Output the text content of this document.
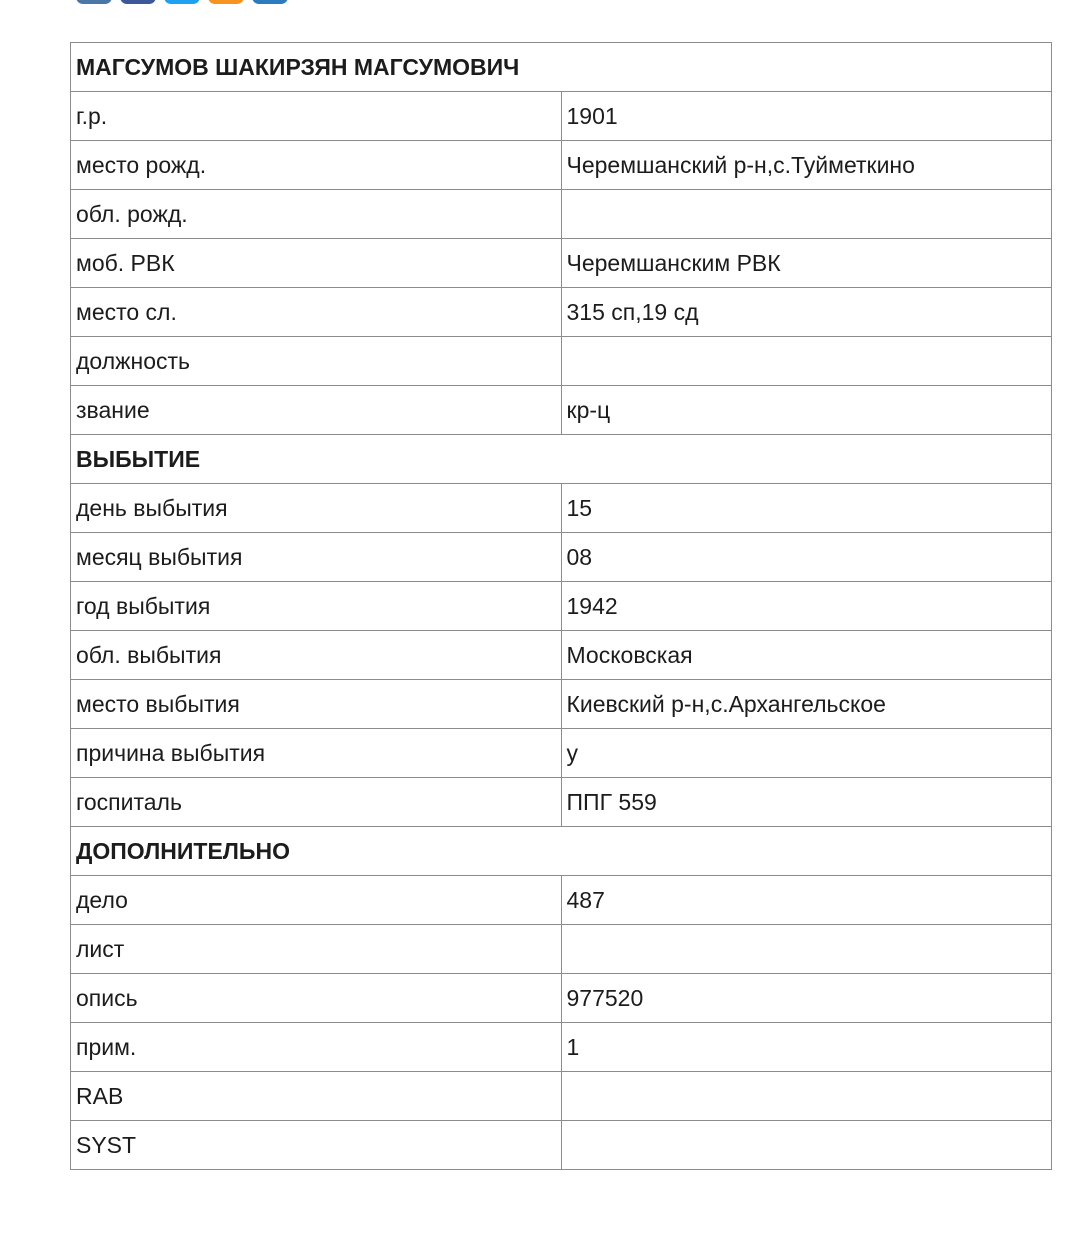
МАГСУМОВ ШАКИРЗЯН МАГСУМОВИЧ	
г.р.	1901
место рожд.	Черемшанский р-н,с.Туйметкино
обл. рожд.	
моб. РВК	Черемшанским РВК
место сл.	315 сп,19 сд
должность	
звание	кр-ц
ВЫБЫТИЕ	
день выбытия	15
месяц выбытия	08
год выбытия	1942
обл. выбытия	Московская
место выбытия	Киевский р-н,с.Архангельское
причина выбытия	у
госпиталь	ППГ 559
ДОПОЛНИТЕЛЬНО	
дело	487
лист	
опись	977520
прим.	1
RAB	
SYST	
